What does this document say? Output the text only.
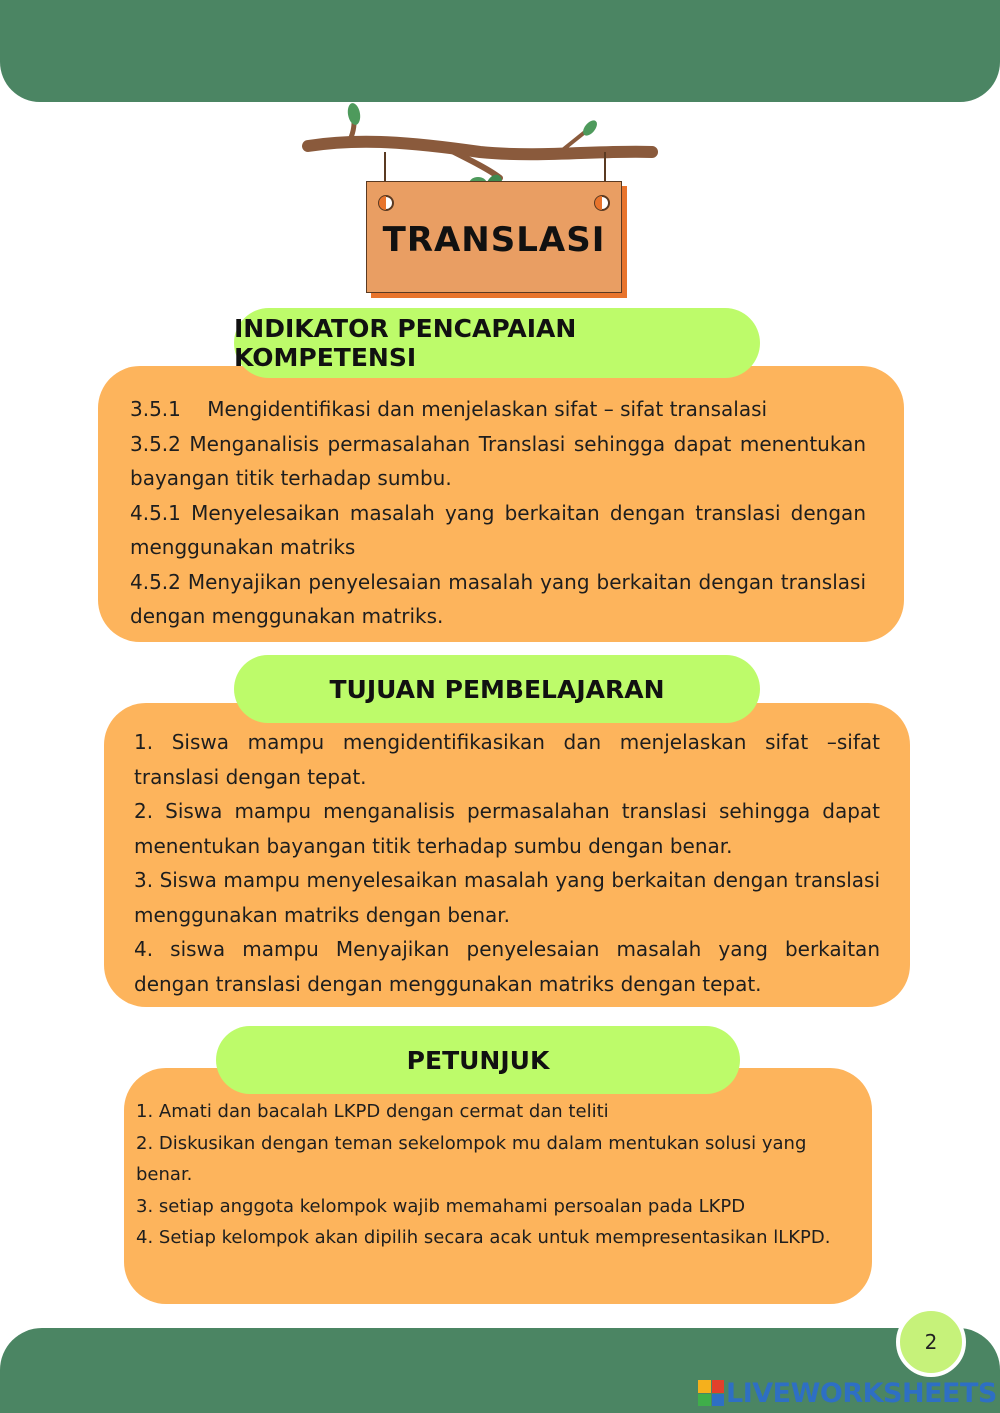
TRANSLASI

3.5.1  Mengidentifikasi dan menjelaskan sifat – sifat transalasi

3.5.2 Menganalisis permasalahan Translasi sehingga dapat menentukan bayangan titik terhadap sumbu.

4.5.1 Menyelesaikan masalah yang berkaitan dengan translasi dengan menggunakan matriks

4.5.2 Menyajikan penyelesaian masalah yang berkaitan dengan translasi dengan menggunakan matriks.

INDIKATOR PENCAPAIAN KOMPETENSI

1. Siswa mampu mengidentifikasikan dan menjelaskan sifat –sifat translasi dengan tepat.

2. Siswa mampu menganalisis permasalahan translasi sehingga dapat menentukan bayangan titik terhadap sumbu dengan benar.

3. Siswa mampu menyelesaikan masalah yang berkaitan dengan translasi menggunakan matriks dengan benar.

4. siswa mampu Menyajikan penyelesaian masalah yang berkaitan dengan translasi dengan menggunakan matriks dengan tepat.

TUJUAN PEMBELAJARAN

1. Amati dan bacalah LKPD dengan cermat dan teliti

2. Diskusikan dengan teman sekelompok mu dalam mentukan solusi yang benar.

3. setiap anggota kelompok wajib memahami persoalan pada LKPD

4. Setiap kelompok akan dipilih secara acak untuk mempresentasikan lLKPD.

PETUNJUK
2
LIVEWORKSHEETS
